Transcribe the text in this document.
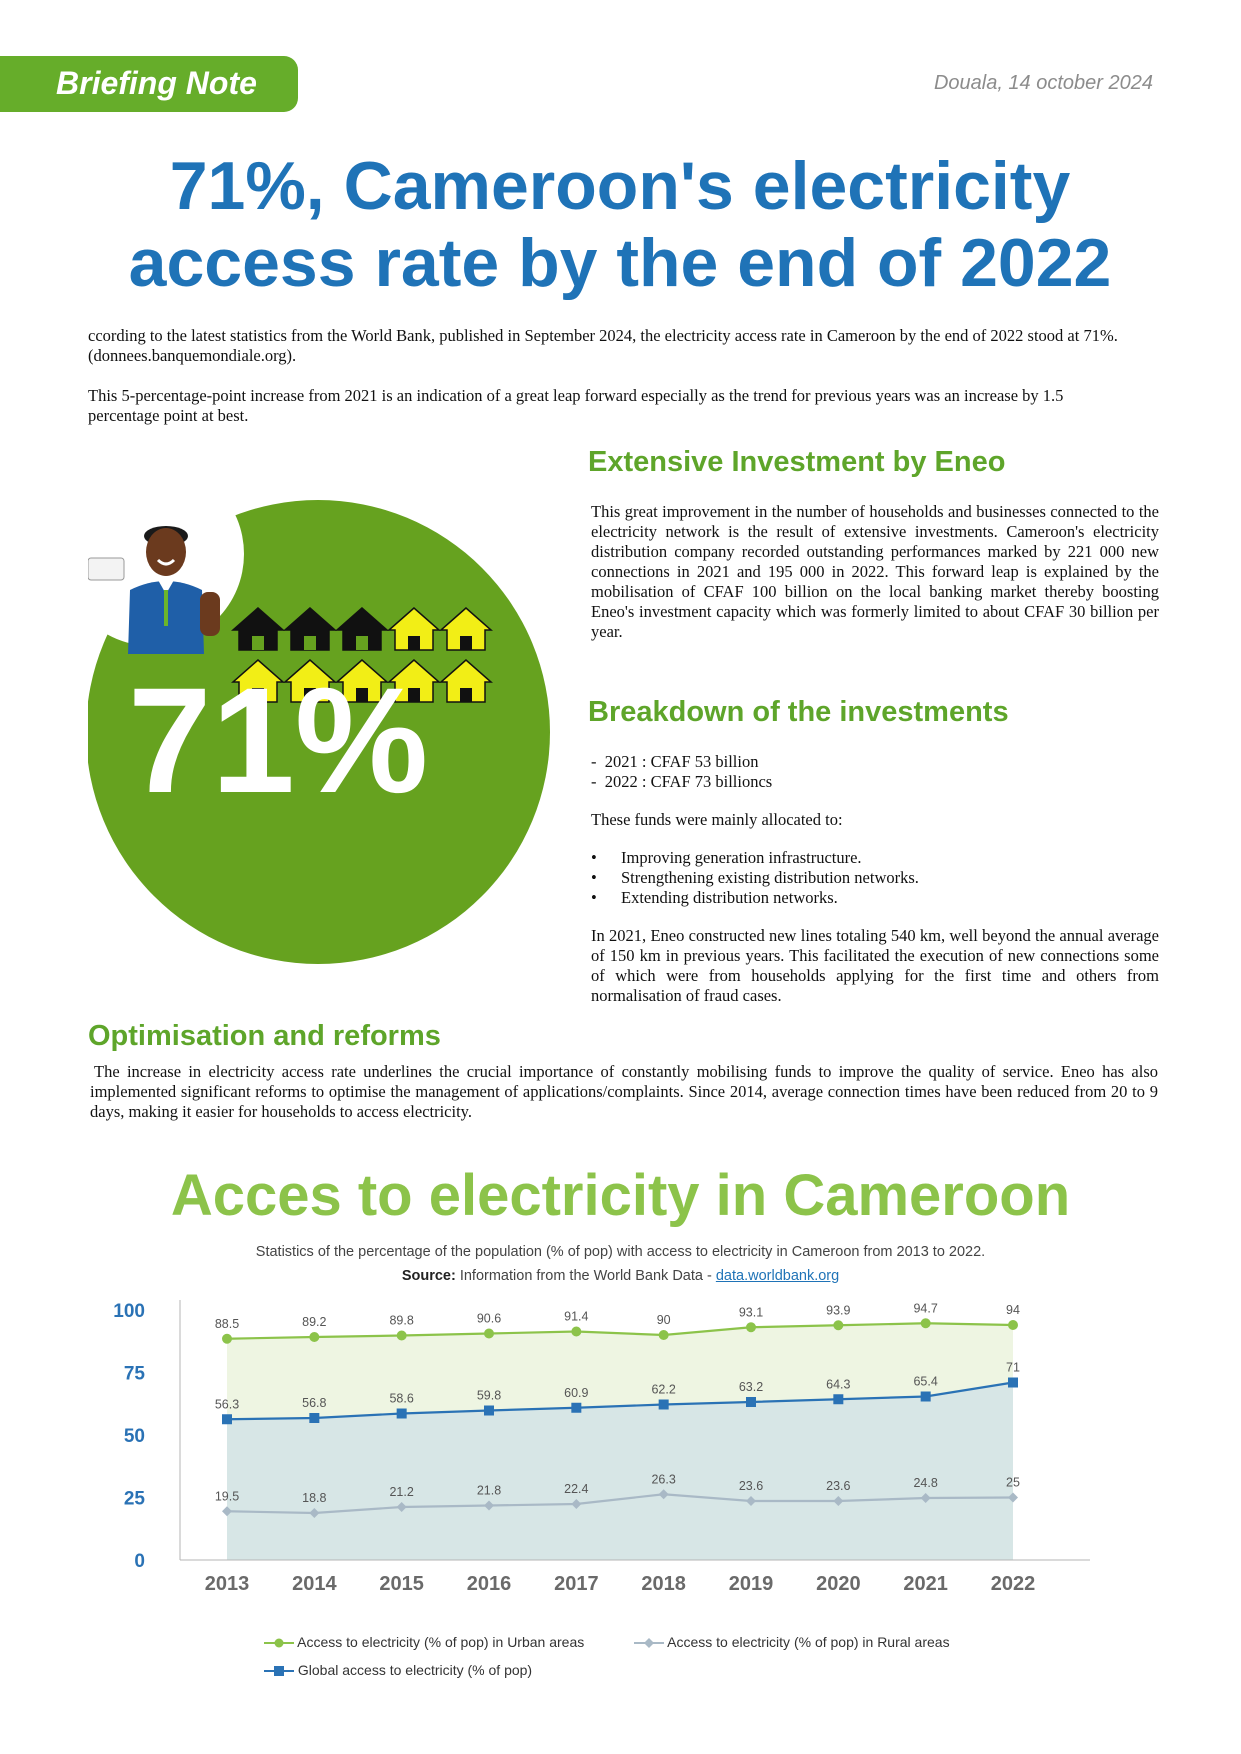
Briefing Note	Douala, 14 october 2024
71%, Cameroon's electricity
access rate by the end of 2022

ccording to the latest statistics from the World Bank, published in September 2024, the electricity access rate in Cameroon by the end of 2022 stood at 71%. (donnees.banquemondiale.org).

This 5-percentage-point increase from 2021 is an indication of a great leap forward especially as the trend for previous years was an increase by 1.5 percentage point at best.

71%
Extensive Investment by Eneo

This great improvement in the number of households and businesses connected to the electricity network is the result of extensive investments. Cameroon's electricity distribution company recorded outstanding performances marked by 221 000 new connections in 2021 and 195 000 in 2022. This forward leap is explained by the mobilisation of CFAF 100 billion on the local banking market thereby boosting Eneo's investment capacity which was formerly limited to about CFAF 30 billion per year.

Breakdown of the investments
- 2021 : CFAF 53 billion
- 2022 : CFAF 73 billioncs
These funds were mainly allocated to:
• Improving generation infrastructure.
• Strengthening existing distribution networks.
• Extending distribution networks.
In 2021, Eneo constructed new lines totaling 540 km, well beyond the annual average of 150 km in previous years. This facilitated the execution of new connections some of which were from households applying for the first time and others from normalisation of fraud cases.
Optimisation and reforms

The increase in electricity access rate underlines the crucial importance of constantly mobilising funds to improve the quality of service. Eneo has also implemented significant reforms to optimise the management of applications/complaints. Since 2014, average connection times have been reduced from 20 to 9 days, making it easier for households to access electricity.

Acces to electricity in Cameroon
Statistics of the percentage of the population (% of pop) with access to electricity in Cameroon from 2013 to 2022.
Source: Information from the World Bank Data - data.worldbank.org
0
25
50
75
100
2013 2014 2015 2016 2017 2018 2019 2020 2021 2022
88.5	89.2	89.8	90.6	91.4	90
93.1	93.9	94.7	94
56.3	56.8	58.6	59.8	60.9	62.2	63.2	64.3	65.4
71
19.5	18.8	21.2	21.8	22.4
26.3	23.6	23.6	24.8	25
Access to electricity (% of pop) in Urban areas	Access to electricity (% of pop) in Rural areas
Global access to electricity (% of pop)
